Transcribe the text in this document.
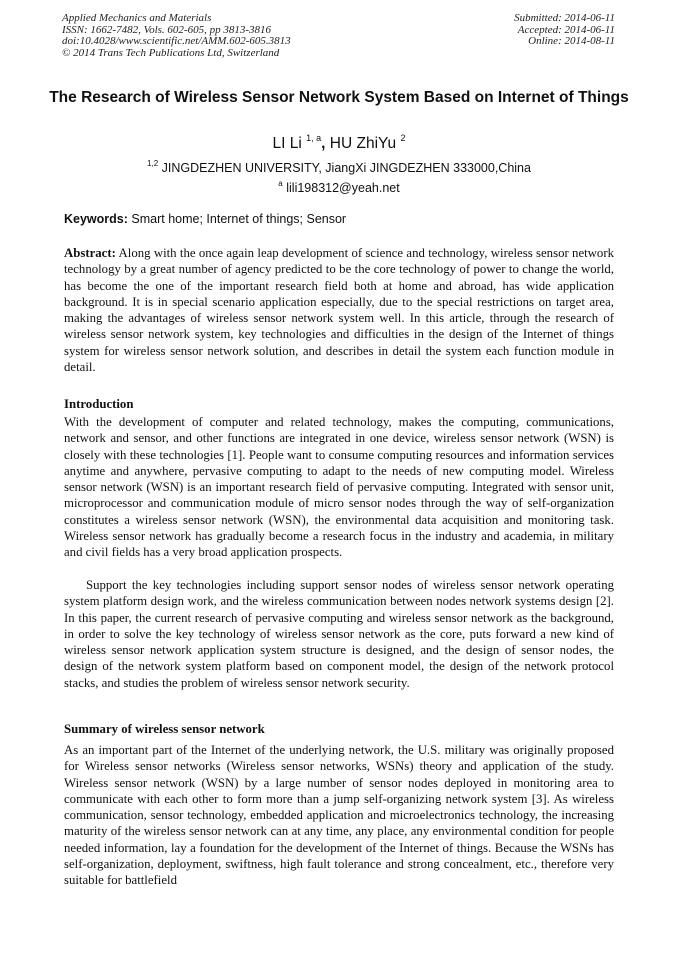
Applied Mechanics and Materials
ISSN: 1662-7482, Vols. 602-605, pp 3813-3816
doi:10.4028/www.scientific.net/AMM.602-605.3813
© 2014 Trans Tech Publications Ltd, Switzerland
Submitted: 2014-06-11
Accepted: 2014-06-11
Online: 2014-08-11
The Research of Wireless Sensor Network System Based on Internet of Things
LI Li $^{1, a}$, HU ZhiYu $^2$
$^{1,2}$ JINGDEZHEN UNIVERSITY, JiangXi JINGDEZHEN 333000,China
$^a$ lili198312@yeah.net
Keywords: Smart home; Internet of things; Sensor
Abstract: Along with the once again leap development of science and technology, wireless sensor network technology by a great number of agency predicted to be the core technology of power to change the world, has become the one of the important research field both at home and abroad, has wide application background. It is in special scenario application especially, due to the special restrictions on target area, making the advantages of wireless sensor network system well. In this article, through the research of wireless sensor network system, key technologies and difficulties in the design of the Internet of things system for wireless sensor network solution, and describes in detail the system each function module in detail.
Introduction

With the development of computer and related technology, makes the computing, communications, network and sensor, and other functions are integrated in one device, wireless sensor network (WSN) is closely with these technologies [1]. People want to consume computing resources and information services anytime and anywhere, pervasive computing to adapt to the needs of new computing model. Wireless sensor network (WSN) is an important research field of pervasive computing. Integrated with sensor unit, microprocessor and communication module of micro sensor nodes through the way of self-organization constitutes a wireless sensor network (WSN), the environmental data acquisition and monitoring task. Wireless sensor network has gradually become a research focus in the industry and academia, in military and civil fields has a very broad application prospects.

Support the key technologies including support sensor nodes of wireless sensor network operating system platform design work, and the wireless communication between nodes network systems design [2]. In this paper, the current research of pervasive computing and wireless sensor network as the background, in order to solve the key technology of wireless sensor network as the core, puts forward a new kind of wireless sensor network application system structure is designed, and the design of sensor nodes, the design of the network system platform based on component model, the design of the network protocol stacks, and studies the problem of wireless sensor network security.

Summary of wireless sensor network

As an important part of the Internet of the underlying network, the U.S. military was originally proposed for Wireless sensor networks (Wireless sensor networks, WSNs) theory and application of the study. Wireless sensor network (WSN) by a large number of sensor nodes deployed in monitoring area to communicate with each other to form more than a jump self-organizing network system [3]. As wireless communication, sensor technology, embedded application and microelectronics technology, the increasing maturity of the wireless sensor network can at any time, any place, any environmental condition for people needed information, lay a foundation for the development of the Internet of things. Because the WSNs has self-organization, deployment, swiftness, high fault tolerance and strong concealment, etc., therefore very suitable for battlefield
